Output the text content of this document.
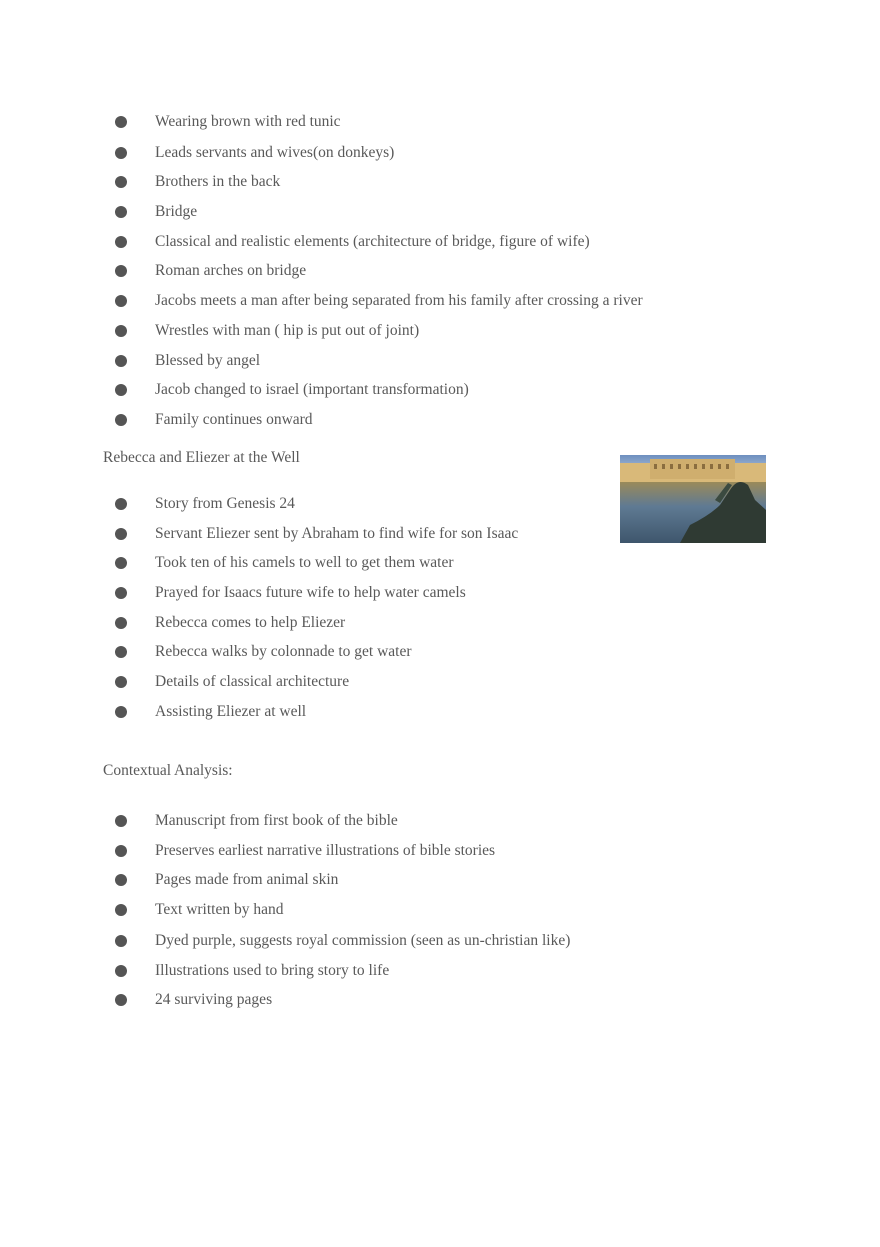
Wearing brown with red tunic
Leads servants and wives(on donkeys)
Brothers in the back
Bridge
Classical and realistic elements (architecture of bridge, figure of wife)
Roman arches on bridge
Jacobs meets a man after being separated from his family after crossing a river
Wrestles with man ( hip is put out of joint)
Blessed by angel
Jacob changed to israel (important transformation)
Family continues onward
Rebecca and Eliezer at the Well
Story from Genesis 24
Servant Eliezer sent by Abraham to find wife for son Isaac
Took ten of his camels to well to get them water
Prayed for Isaacs future wife to help water camels
Rebecca comes to help Eliezer
Rebecca walks by colonnade to get water
Details of classical architecture
Assisting Eliezer at well
Contextual Analysis:
Manuscript from first book of the bible
Preserves earliest narrative illustrations of bible stories
Pages made from animal skin
Text written by hand
Dyed purple, suggests royal commission (seen as un-christian like)
Illustrations used to bring story to life
24 surviving pages
